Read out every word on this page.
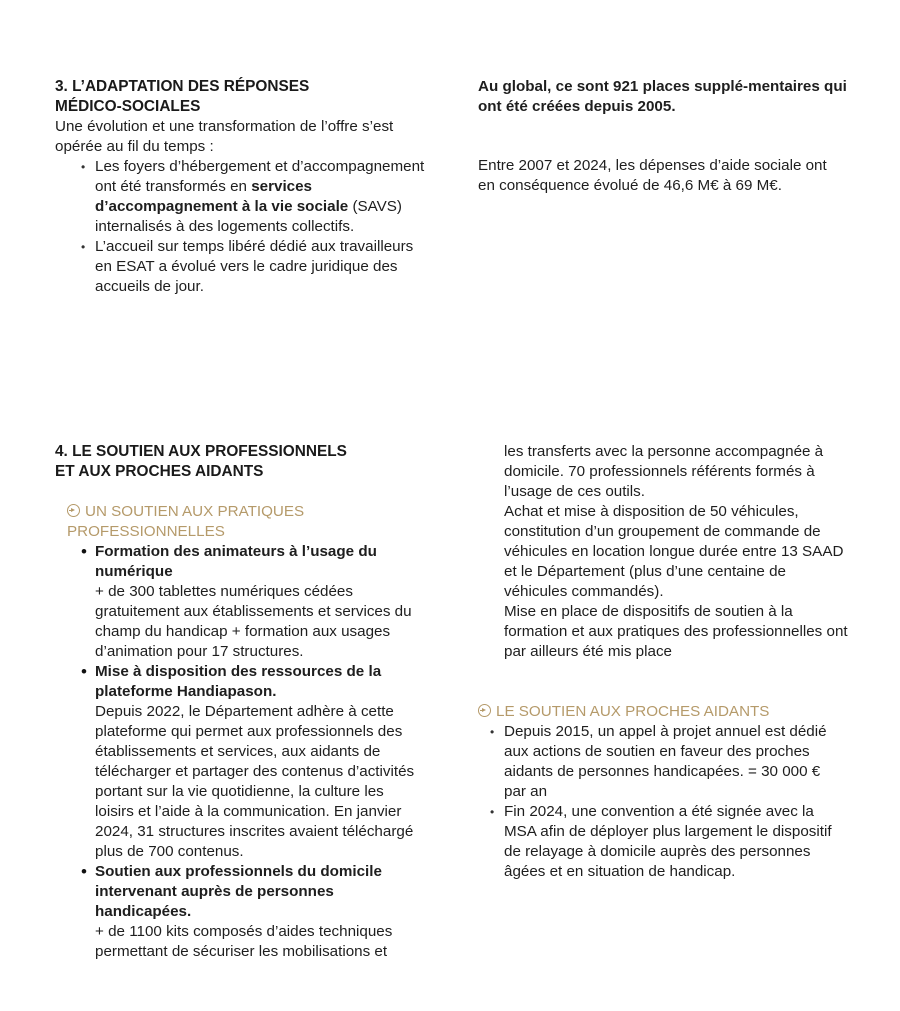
3. L’ADAPTATION DES RÉPONSES
MÉDICO-SOCIALES

Une évolution et une transformation de l’offre s’est opérée au fil du temps :

• Les foyers d’hébergement et d’accompagnement ont été transformés en services d’accompagnement à la vie sociale (SAVS) internalisés à des logements collectifs.
• L’accueil sur temps libéré dédié aux travailleurs en ESAT a évolué vers le cadre juridique des accueils de jour.

Au global, ce sont 921 places supplé-mentaires qui ont été créées depuis 2005.

Entre 2007 et 2024, les dépenses d’aide sociale ont en conséquence évolué de 46,6 M€ à 69 M€.

4. LE SOUTIEN AUX PROFESSIONNELS
ET AUX PROCHES AIDANTS
UN SOUTIEN AUX PRATIQUES
PROFESSIONNELLES
• Formation des animateurs à l’usage du numérique
+ de 300 tablettes numériques cédées gratuitement aux établissements et services du champ du handicap + formation aux usages d’animation pour 17 structures.
• Mise à disposition des ressources de la plateforme Handiapason.
Depuis 2022, le Département adhère à cette plateforme qui permet aux professionnels des établissements et services, aux aidants de télécharger et partager des contenus d’activités portant sur la vie quotidienne, la culture les loisirs et l’aide à la communication. En janvier 2024, 31 structures inscrites avaient téléchargé plus de 700 contenus.
• Soutien aux professionnels du domicile intervenant auprès de personnes handicapées.
+ de 1100 kits composés d’aides techniques permettant de sécuriser les mobilisations et

les transferts avec la personne accompagnée à domicile. 70 professionnels référents formés à l’usage de ces outils.

Achat et mise à disposition de 50 véhicules, constitution d’un groupement de commande de véhicules en location longue durée entre 13 SAAD et le Département (plus d’une centaine de véhicules commandés).

Mise en place de dispositifs de soutien à la formation et aux pratiques des professionnelles ont par ailleurs été mis place

LE SOUTIEN AUX PROCHES AIDANTS
• Depuis 2015, un appel à projet annuel est dédié aux actions de soutien en faveur des proches aidants de personnes handicapées. = 30 000 € par an
• Fin 2024, une convention a été signée avec la MSA afin de déployer plus largement le dispositif de relayage à domicile auprès des personnes âgées et en situation de handicap.
